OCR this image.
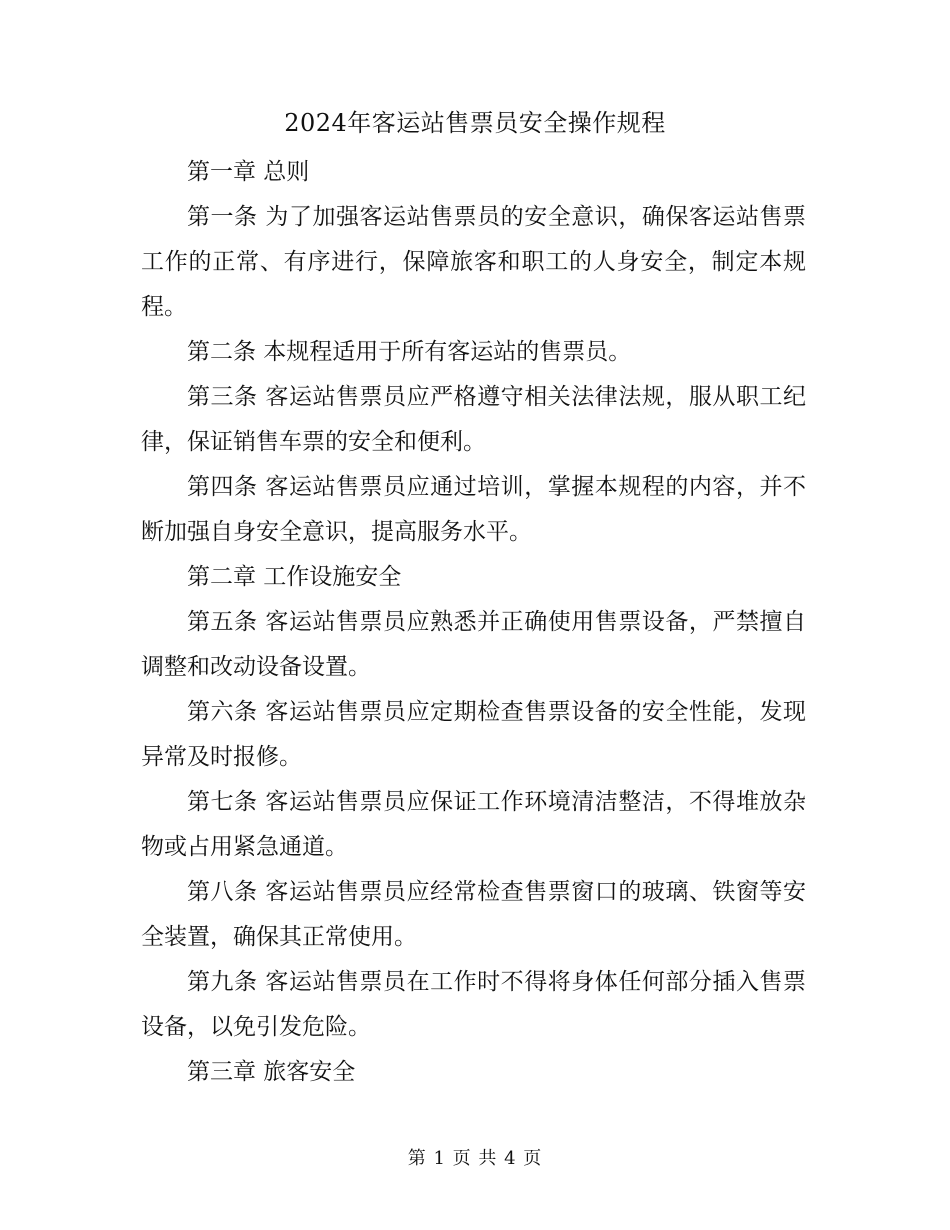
2024年客运站售票员安全操作规程

第一章 总则

第一条 为了加强客运站售票员的安全意识，确保客运站售票工作的正常、有序进行，保障旅客和职工的人身安全，制定本规程。

第二条 本规程适用于所有客运站的售票员。

第三条 客运站售票员应严格遵守相关法律法规，服从职工纪律，保证销售车票的安全和便利。

第四条 客运站售票员应通过培训，掌握本规程的内容，并不断加强自身安全意识，提高服务水平。

第二章 工作设施安全

第五条 客运站售票员应熟悉并正确使用售票设备，严禁擅自调整和改动设备设置。

第六条 客运站售票员应定期检查售票设备的安全性能，发现异常及时报修。

第七条 客运站售票员应保证工作环境清洁整洁，不得堆放杂物或占用紧急通道。

第八条 客运站售票员应经常检查售票窗口的玻璃、铁窗等安全装置，确保其正常使用。

第九条 客运站售票员在工作时不得将身体任何部分插入售票设备，以免引发危险。

第三章 旅客安全

第 1 页 共 4 页
